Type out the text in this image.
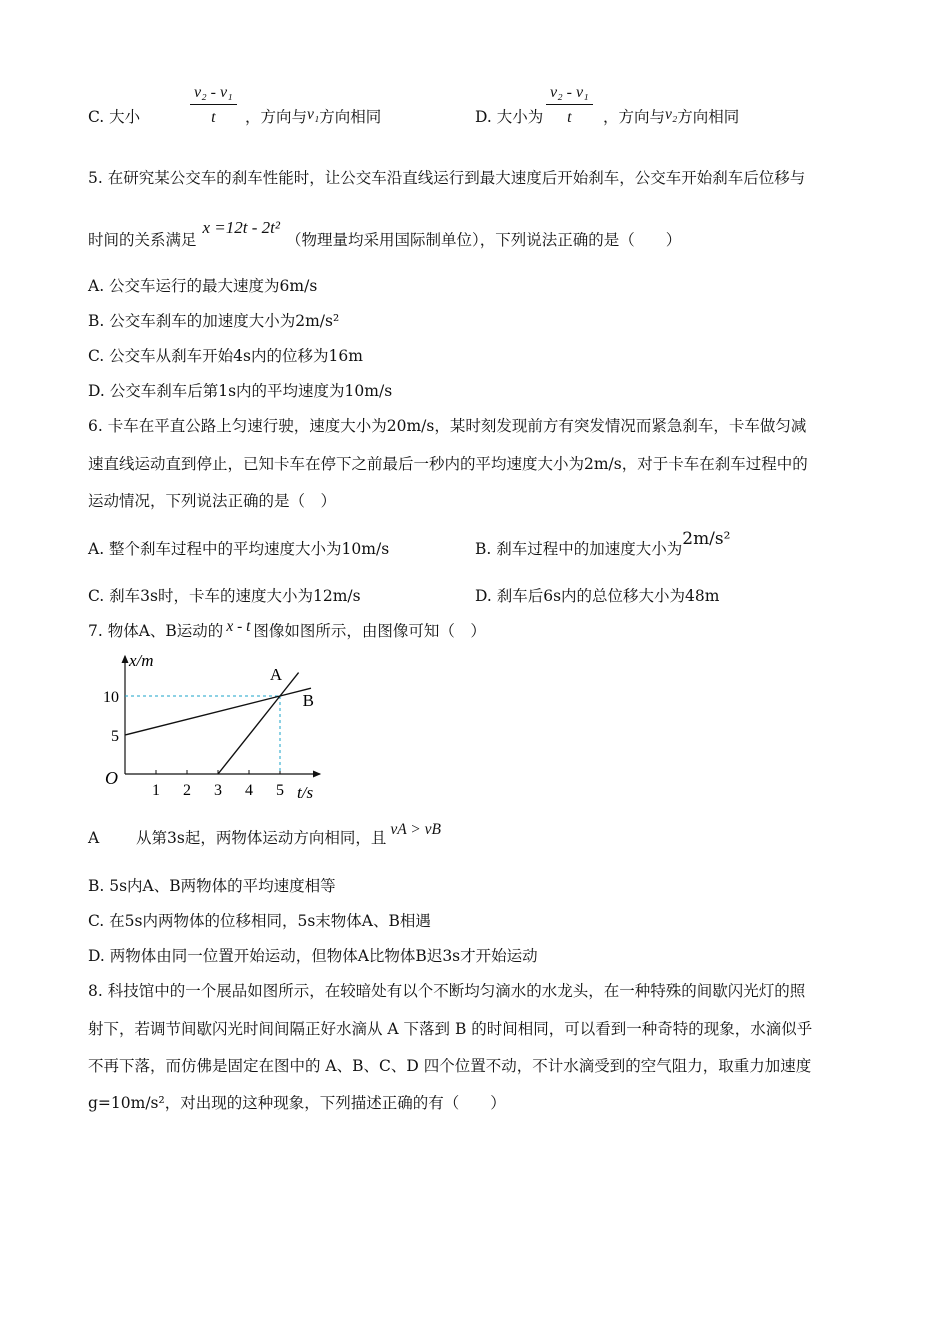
C. 大小	$\frac{\text{v₂ - v₁}}{t}$ ，方向与v₁方向相同	D. 大小为 $\frac{\text{v₂ - v₁}}{t}$ ，方向与v₂方向相同
5. 在研究某公交车的刹车性能时，让公交车沿直线运行到最大速度后开始刹车，公交车开始刹车后位移与
时间的关系满足x =12t - 2t²（物理量均采用国际制单位），下列说法正确的是（　　）
A. 公交车运行的最大速度为6m/s
B. 公交车刹车的加速度大小为2m/s²
C. 公交车从刹车开始4s内的位移为16m
D. 公交车刹车后第1s内的平均速度为10m/s
6. 卡车在平直公路上匀速行驶，速度大小为20m/s，某时刻发现前方有突发情况而紧急刹车，卡车做匀减
速直线运动直到停止，已知卡车在停下之前最后一秒内的平均速度大小为2m/s，对于卡车在刹车过程中的
运动情况，下列说法正确的是（　）
A. 整个刹车过程中的平均速度大小为10m/s	B. 刹车过程中的加速度大小为2m/s²
C. 刹车3s时，卡车的速度大小为12m/s	D. 刹车后6s内的总位移大小为48m
7. 物体A、B运动的 x - t 图像如图所示，由图像可知（　）
1 2 3 4 5
5
10
A
B
x/m
t/s
O
A 从第3s起，两物体运动方向相同，且 vA > vB
B. 5s内A、B两物体的平均速度相等
C. 在5s内两物体的位移相同，5s末物体A、B相遇
D. 两物体由同一位置开始运动，但物体A比物体B迟3s才开始运动
8. 科技馆中的一个展品如图所示，在较暗处有以个不断均匀滴水的水龙头，在一种特殊的间歇闪光灯的照
射下，若调节间歇闪光时间间隔正好水滴从 A 下落到 B 的时间相同，可以看到一种奇特的现象，水滴似乎
不再下落，而仿佛是固定在图中的 A、B、C、D 四个位置不动，不计水滴受到的空气阻力，取重力加速度
g=10m/s²，对出现的这种现象，下列描述正确的有（　　）
